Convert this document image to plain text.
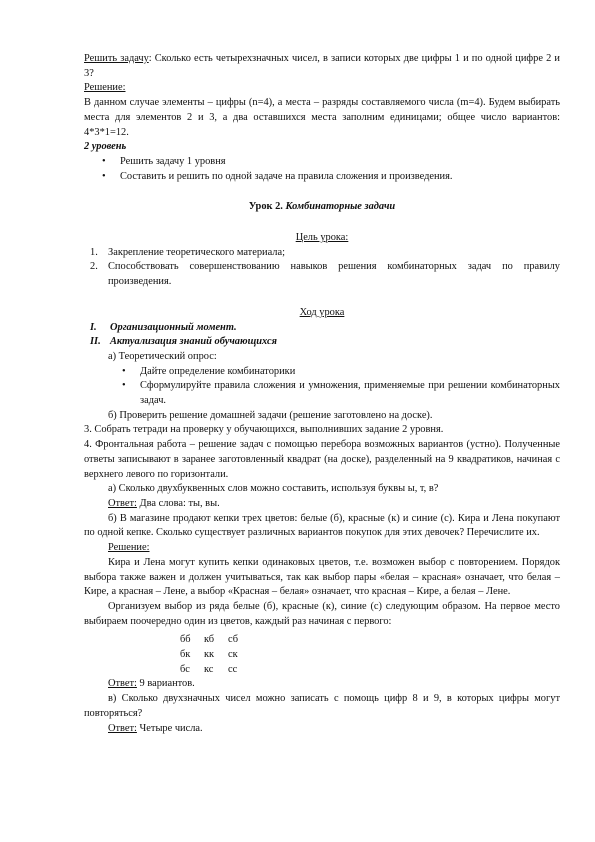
Решить задачу: Сколько есть четырехзначных чисел, в записи которых две цифры 1 и по одной цифре 2 и 3?

Решение:

В данном случае элементы – цифры (n=4), а места – разряды составляемого числа (m=4). Будем выбирать места для элементов 2 и 3, а два оставшихся места заполним единицами; общее число вариантов: 4*3*1=12.

2 уровень

• Решить задачу 1 уровня
• Составить и решить по одной задаче на правила сложения и произведения.

Урок 2. Комбинаторные задачи

Цель урока:

1. Закрепление теоретического материала;
2. Способствовать совершенствованию навыков решения комбинаторных задач по правилу произведения.

Ход урока

I. Организационный момент.
II. Актуализация знаний обучающихся

а) Теоретический опрос:

• Дайте определение комбинаторики
• Сформулируйте правила сложения и умножения, применяемые при решении комбинаторных задач.

б) Проверить решение домашней задачи (решение заготовлено на доске).

3. Собрать тетради на проверку у обучающихся, выполнивших задание 2 уровня.

4. Фронтальная работа – решение задач с помощью перебора возможных вариантов (устно). Полученные ответы записывают в заранее заготовленный квадрат (на доске), разделенный на 9 квадратиков, начиная с верхнего левого по горизонтали.

а) Сколько двухбуквенных слов можно составить, используя буквы ы, т, в?

Ответ: Два слова: ты, вы.

б) В магазине продают кепки трех цветов: белые (б), красные (к) и синие (с). Кира и Лена покупают по одной кепке. Сколько существует различных вариантов покупок для этих девочек? Перечислите их.

Решение:

Кира и Лена могут купить кепки одинаковых цветов, т.е. возможен выбор с повторением. Порядок выбора также важен и должен учитываться, так как выбор пары «белая – красная» означает, что белая – Кире, а красная – Лене, а выбор «Красная – белая» означает, что красная – Кире, а белая – Лене.

Организуем выбор из ряда белые (б), красные (к), синие (с) следующим образом. На первое место выбираем поочередно один из цветов, каждый раз начиная с первого:

бб кб сб
бк кк ск
бс кс сс

Ответ: 9 вариантов.

в) Сколько двухзначных чисел можно записать с помощь цифр 8 и 9, в которых цифры могут повторяться?

Ответ: Четыре числа.
